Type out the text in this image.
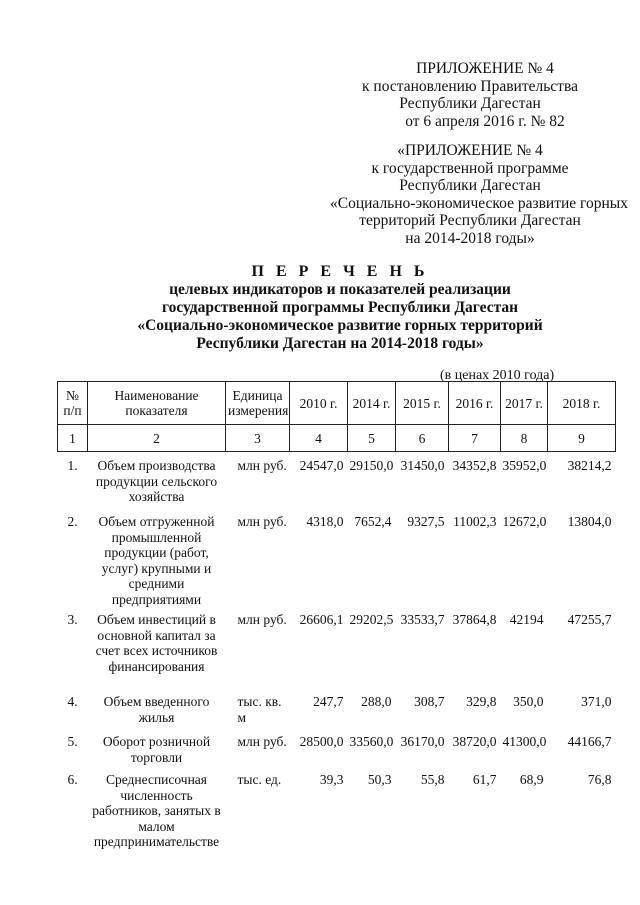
ПРИЛОЖЕНИЕ № 4
к постановлению Правительства
Республики Дагестан
от 6 апреля 2016 г. № 82
«ПРИЛОЖЕНИЕ № 4
к государственной программе
Республики Дагестан
«Социально-экономическое развитие горных
территорий Республики Дагестан
на 2014-2018 годы»
П Е Р Е Ч Е Н Ь
целевых индикаторов и показателей реализации
государственной программы Республики Дагестан
«Социально-экономическое развитие горных территорий
Республики Дагестан на 2014-2018 годы»
(в ценах 2010 года)
№ п/п	Наименование показателя	Единица измерения	2010 г.	2014 г.	2015 г.	2016 г.	2017 г.	2018 г.
1	2	3	4	5	6	7	8	9

1.	Объем производства продукции сельского хозяйства	млн руб.	24547,0	29150,0	31450,0	34352,8	35952,0	38214,2
2.	Объем отгруженной промышленной продукции (работ, услуг) крупными и средними предприятиями	млн руб.	4318,0	7652,4	9327,5	11002,3	12672,0	13804,0
3.	Объем инвестиций в основной капитал за счет всех источников финансирования	млн руб.	26606,1	29202,5	33533,7	37864,8	42194	47255,7
4.	Объем введенного жилья	тыс. кв. м	247,7	288,0	308,7	329,8	350,0	371,0
5.	Оборот розничной торговли	млн руб.	28500,0	33560,0	36170,0	38720,0	41300,0	44166,7
6.	Среднесписочная численность работников, занятых в малом предпринимательстве	тыс. ед.	39,3	50,3	55,8	61,7	68,9	76,8
